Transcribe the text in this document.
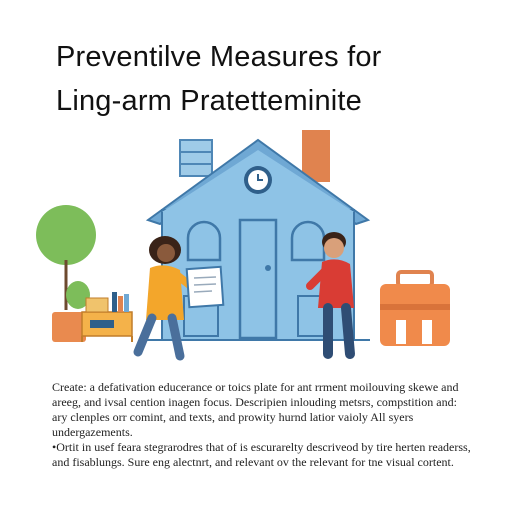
Preventilve Measures for
Ling-arm Pratetteminite

Create: a defativation educerance or toics plate for ant rrment moilouving skewe and areeg, and ivsal cention inagen focus. Descripien inlouding metsrs, compstition and: ary clenples orr comint, and texts, and prowity hurnd latior vaioly All syers undergazements.

•Ortit in usef feara stegrarodres that of is escurarelty descriveod by tire herten readerss, and fisablungs. Sure eng alectnrt, and relevant ov the relevant for tne visual cortent.
